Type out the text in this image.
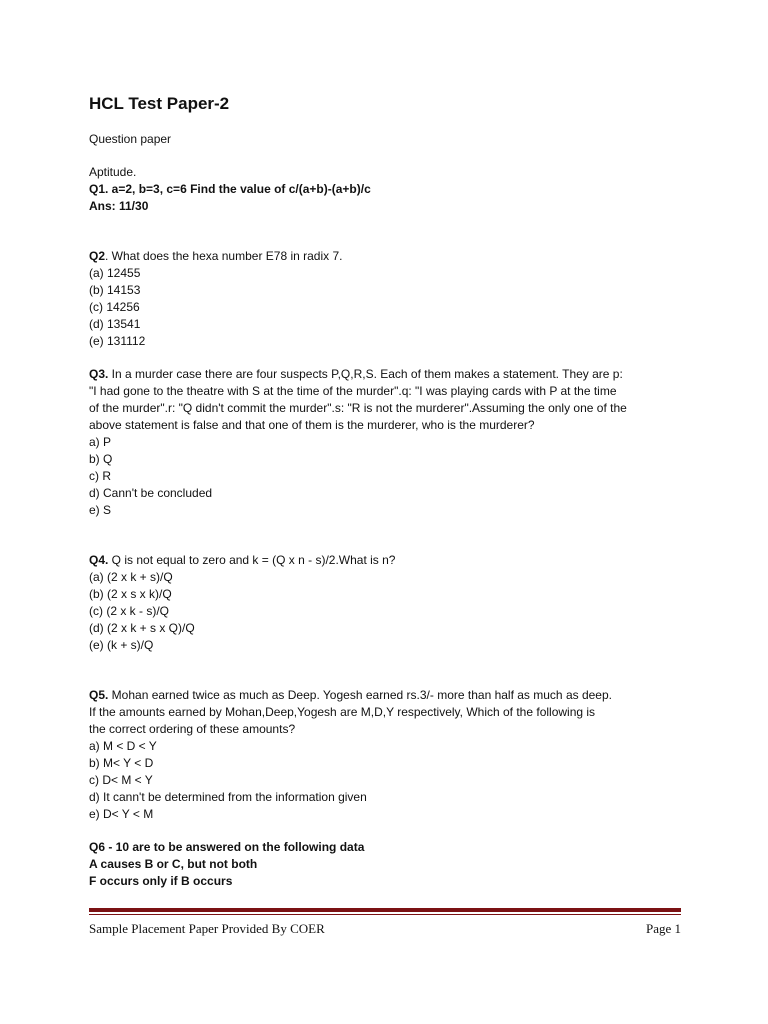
HCL Test Paper-2
Question paper
Aptitude.
Q1. a=2, b=3, c=6 Find the value of c/(a+b)-(a+b)/c
Ans: 11/30
Q2. What does the hexa number E78 in radix 7.
(a) 12455
(b) 14153
(c) 14256
(d) 13541
(e) 131112
Q3. In a murder case there are four suspects P,Q,R,S. Each of them makes a statement. They are p:
"I had gone to the theatre with S at the time of the murder".q: "I was playing cards with P at the time
of the murder".r: "Q didn't commit the murder".s: "R is not the murderer".Assuming the only one of the
above statement is false and that one of them is the murderer, who is the murderer?
a) P
b) Q
c) R
d) Cann't be concluded
e) S
Q4. Q is not equal to zero and k = (Q x n - s)/2.What is n?
(a) (2 x k + s)/Q
(b) (2 x s x k)/Q
(c) (2 x k - s)/Q
(d) (2 x k + s x Q)/Q
(e) (k + s)/Q
Q5. Mohan earned twice as much as Deep. Yogesh earned rs.3/- more than half as much as deep.
If the amounts earned by Mohan,Deep,Yogesh are M,D,Y respectively, Which of the following is
the correct ordering of these amounts?
a) M < D < Y
b) M< Y < D
c) D< M < Y
d) It cann't be determined from the information given
e) D< Y < M
Q6 - 10 are to be answered on the following data
A causes B or C, but not both
F occurs only if B occurs
Sample Placement Paper Provided By COER	Page 1
